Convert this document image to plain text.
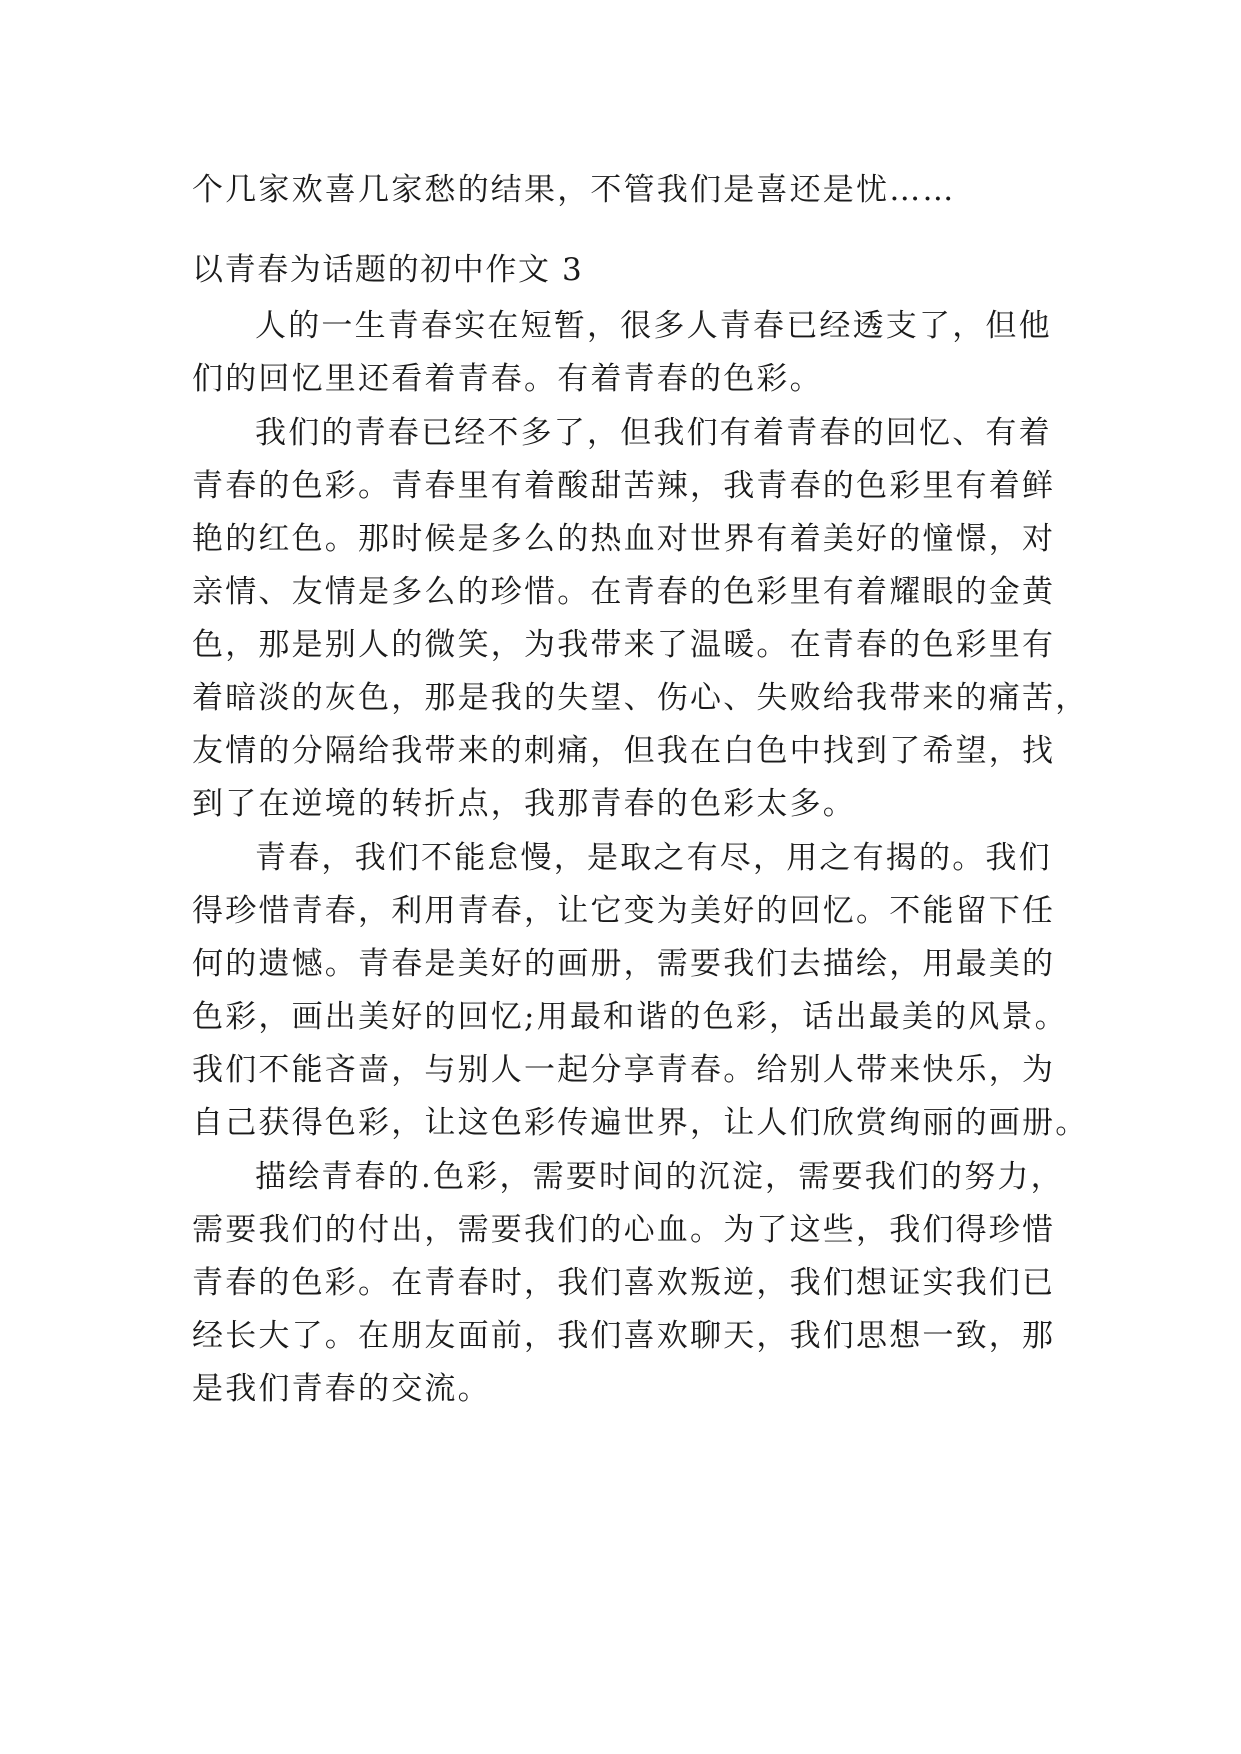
个几家欢喜几家愁的结果，不管我们是喜还是忧……
以青春为话题的初中作文 3
人的一生青春实在短暂，很多人青春已经透支了，但他
们的回忆里还看着青春。有着青春的色彩。
我们的青春已经不多了，但我们有着青春的回忆、有着
青春的色彩。青春里有着酸甜苦辣，我青春的色彩里有着鲜
艳的红色。那时候是多么的热血对世界有着美好的憧憬，对
亲情、友情是多么的珍惜。在青春的色彩里有着耀眼的金黄
色，那是别人的微笑，为我带来了温暖。在青春的色彩里有
着暗淡的灰色，那是我的失望、伤心、失败给我带来的痛苦，
友情的分隔给我带来的刺痛，但我在白色中找到了希望，找
到了在逆境的转折点，我那青春的色彩太多。
青春，我们不能怠慢，是取之有尽，用之有揭的。我们
得珍惜青春，利用青春，让它变为美好的回忆。不能留下任
何的遗憾。青春是美好的画册，需要我们去描绘，用最美的
色彩，画出美好的回忆;用最和谐的色彩，话出最美的风景。
我们不能吝啬，与别人一起分享青春。给别人带来快乐，为
自己获得色彩，让这色彩传遍世界，让人们欣赏绚丽的画册。
描绘青春的.色彩，需要时间的沉淀，需要我们的努力，
需要我们的付出，需要我们的心血。为了这些，我们得珍惜
青春的色彩。在青春时，我们喜欢叛逆，我们想证实我们已
经长大了。在朋友面前，我们喜欢聊天，我们思想一致，那
是我们青春的交流。
